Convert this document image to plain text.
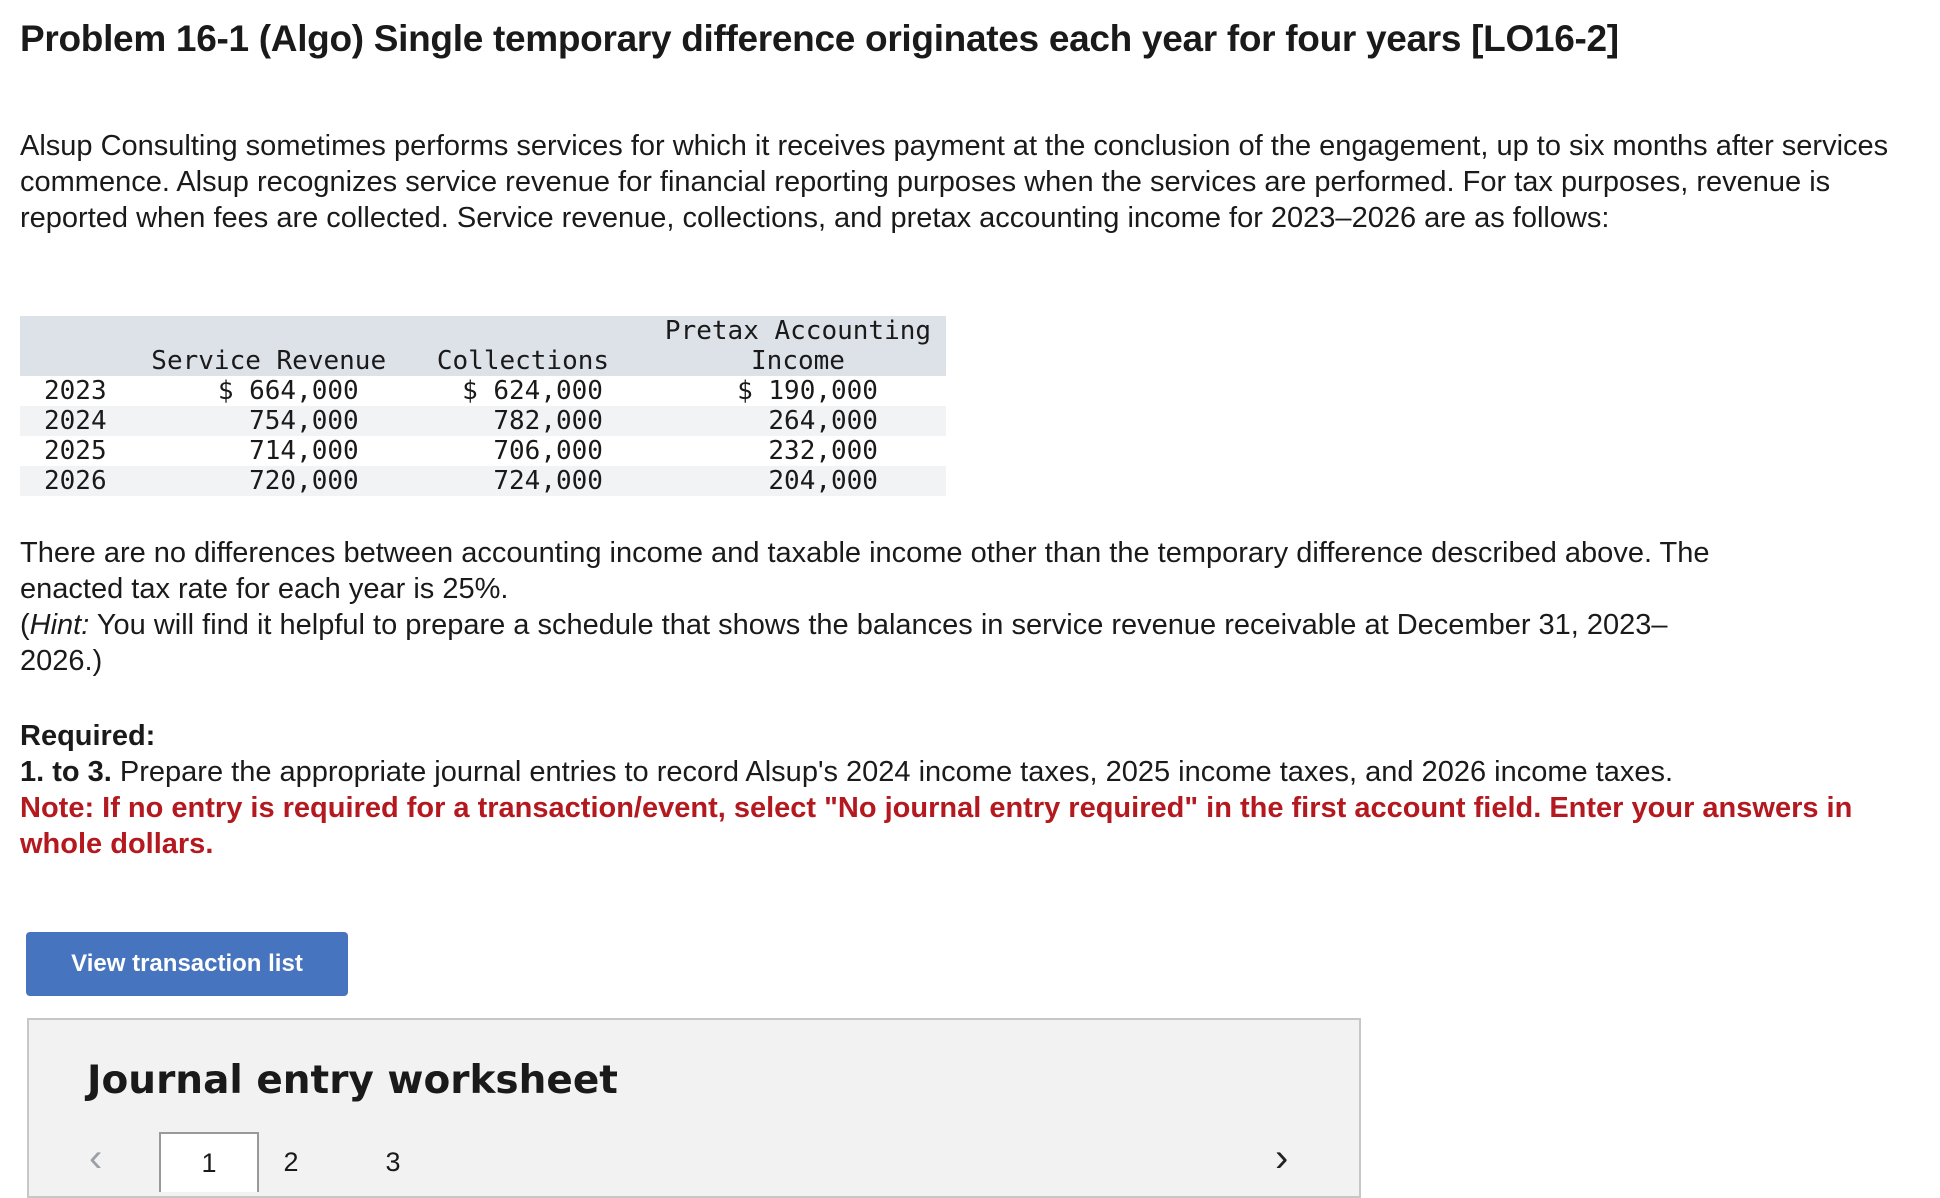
Problem 16-1 (Algo) Single temporary difference originates each year for four years [LO16-2]

Alsup Consulting sometimes performs services for which it receives payment at the conclusion of the engagement, up to six months after services commence. Alsup recognizes service revenue for financial reporting purposes when the services are performed. For tax purposes, revenue is reported when fees are collected. Service revenue, collections, and pretax accounting income for 2023–2026 are as follows:

	Service Revenue	Collections	Pretax Accounting
Income
2023	$ 664,000	$ 624,000	$ 190,000
2024	754,000	782,000	264,000
2025	714,000	706,000	232,000
2026	720,000	724,000	204,000

There are no differences between accounting income and taxable income other than the temporary difference described above. The

enacted tax rate for each year is 25%.

(Hint: You will find it helpful to prepare a schedule that shows the balances in service revenue receivable at December 31, 2023–

2026.)

Required:
1. to 3. Prepare the appropriate journal entries to record Alsup's 2024 income taxes, 2025 income taxes, and 2026 income taxes.
Note: If no entry is required for a transaction/event, select "No journal entry required" in the first account field. Enter your answers in whole dollars.
View transaction list
Journal entry worksheet
‹	1	2	3	›
